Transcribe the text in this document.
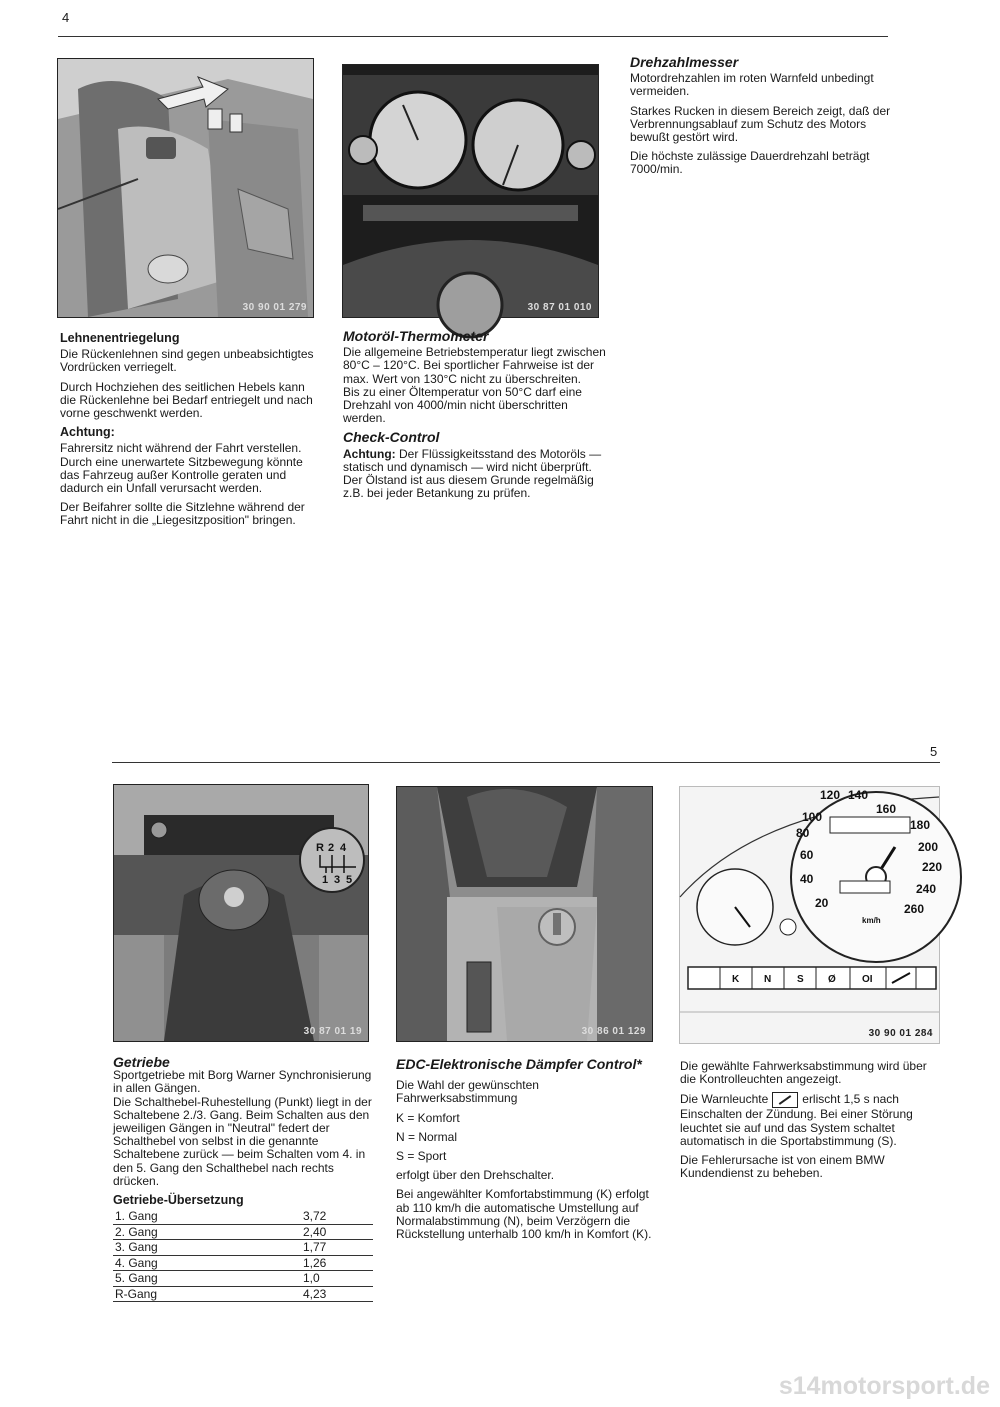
4
30 90 01 279	30 87 01 010
Lehnenentriegelung

Die Rückenlehnen sind gegen unbeabsichtigtes Vordrücken verriegelt.

Durch Hochziehen des seitlichen Hebels kann die Rückenlehne bei Bedarf entriegelt und nach vorne geschwenkt werden.

Achtung:

Fahrersitz nicht während der Fahrt verstellen. Durch eine unerwartete Sitzbewegung könnte das Fahrzeug außer Kontrolle geraten und dadurch ein Unfall verursacht werden.

Der Beifahrer sollte die Sitzlehne während der Fahrt nicht in die „Liegesitzposition" bringen.

Motoröl-Thermometer

Die allgemeine Betriebstemperatur liegt zwischen 80°C – 120°C. Bei sportlicher Fahrweise ist der max. Wert von 130°C nicht zu überschreiten.

Bis zu einer Öltemperatur von 50°C darf eine Drehzahl von 4000/min nicht überschritten werden.

Check-Control

Achtung: Der Flüssigkeitsstand des Motoröls — statisch und dynamisch — wird nicht überprüft.

Der Ölstand ist aus diesem Grunde regelmäßig z.B. bei jeder Betankung zu prüfen.

Drehzahlmesser

Motordrehzahlen im roten Warnfeld unbedingt vermeiden.

Starkes Rucken in diesem Bereich zeigt, daß der Verbrennungsablauf zum Schutz des Motors bewußt gestört wird.

Die höchste zulässige Dauerdrehzahl beträgt 7000/min.

5
R 2 4
1 3 5
30 87 01 19	30 86 01 129
120
100
140
160
80
180
60
200
40
220
20
240
260
km/h
K N	S Ø	OI
30 90 01 284
Getriebe

Sportgetriebe mit Borg Warner Synchronisierung in allen Gängen.

Die Schalthebel-Ruhestellung (Punkt) liegt in der Schaltebene 2./3. Gang. Beim Schalten aus den jeweiligen Gängen in "Neutral" federt der Schalthebel von selbst in die genannte Schaltebene zurück — beim Schalten vom 4. in den 5. Gang den Schalthebel nach rechts drücken.

Getriebe-Übersetzung
1. Gang	3,72
2. Gang	2,40
3. Gang	1,77
4. Gang	1,26
5. Gang	1,0
R-Gang	4,23
EDC-Elektronische Dämpfer Control*

Die Wahl der gewünschten Fahrwerksabstimmung

K = Komfort

N = Normal

S = Sport

erfolgt über den Drehschalter.

Bei angewählter Komfortabstimmung (K) erfolgt ab 110 km/h die automatische Umstellung auf Normalabstimmung (N), beim Verzögern die Rückstellung unterhalb 100 km/h in Komfort (K).

Die gewählte Fahrwerksabstimmung wird über die Kontrolleuchten angezeigt.

Die Warnleuchte	erlischt 1,5 s nach Einschalten der Zündung. Bei einer Störung leuchtet sie auf und das System schaltet automatisch in die Sportabstimmung (S).

Die Fehlerursache ist von einem BMW Kundendienst zu beheben.

s14motorsport.de
